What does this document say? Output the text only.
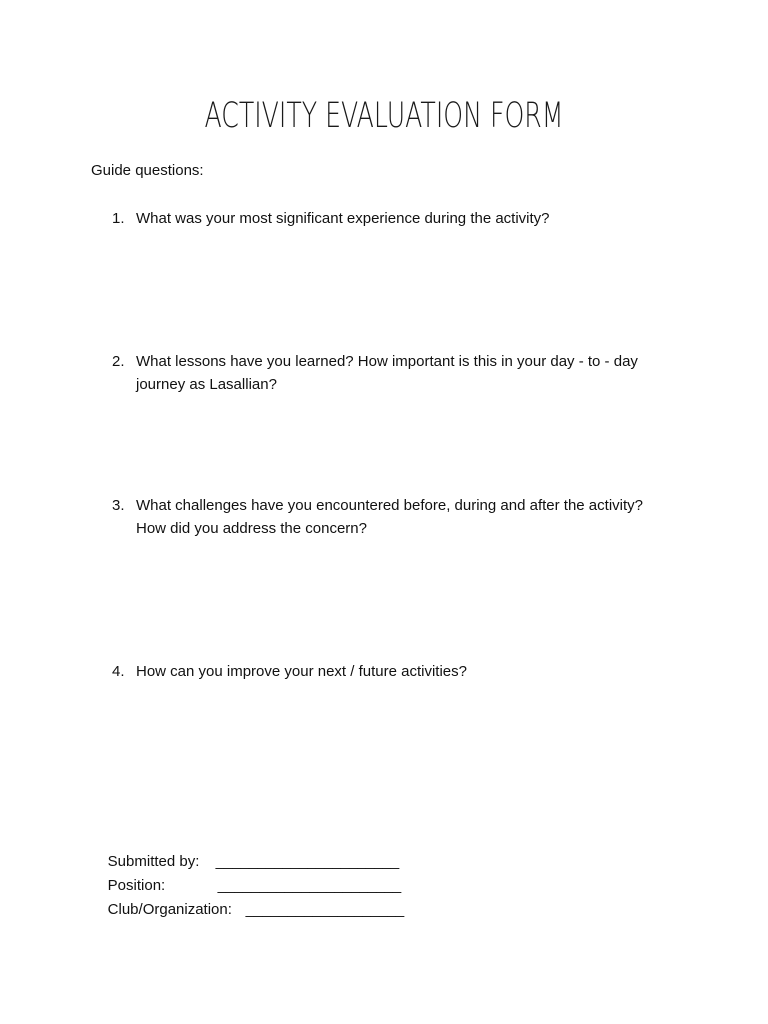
ACTIVITY EVALUATION FORM
Guide questions:
1. What was your most significant experience during the activity?
2. What lessons have you learned? How important is this in your day - to - day journey as Lasallian?
3. What challenges have you encountered before, during and after the activity? How did you address the concern?
4. How can you improve your next / future activities?

Submitted by: ______________________

Position:	______________________

Club/Organization: ___________________
